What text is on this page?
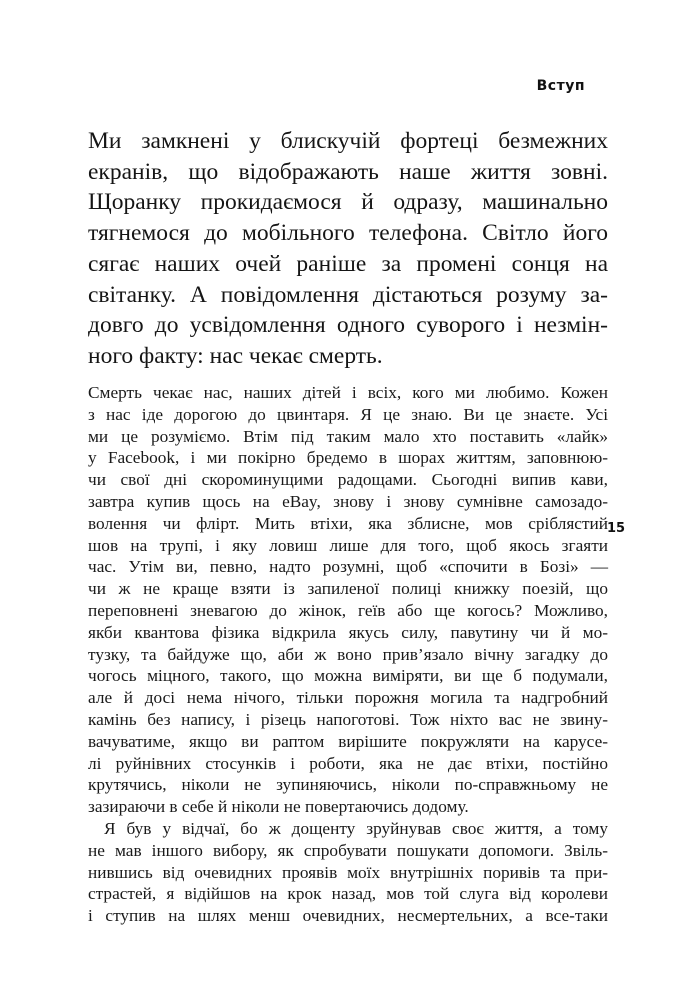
Вступ
15
Ми замкнені у блискучій фортеці безмежних
екранів, що відображають наше життя зовні.
Щоранку прокидаємося й одразу, машинально
тягнемося до мобільного телефона. Світло його
сягає наших очей раніше за промені сонця на
світанку. А повідомлення дістаються розуму за-
довго до усвідомлення одного суворого і незмін-
ного факту: нас чекає смерть.
Смерть чекає нас, наших дітей і всіх, кого ми любимо. Кожен
з нас іде дорогою до цвинтаря. Я це знаю. Ви це знаєте. Усі
ми це розуміємо. Втім під таким мало хто поставить «лайк»
у Facebook, і ми покірно бредемо в шорах життям, заповнюю-
чи свої дні скороминущими радощами. Сьогодні випив кави,
завтра купив щось на eBay, знову і знову сумнівне самозадо-
волення чи флірт. Мить втіхи, яка зблисне, мов сріблястий
шов на трупі, і яку ловиш лише для того, щоб якось згаяти
час. Утім ви, певно, надто розумні, щоб «спочити в Бозі» —
чи ж не краще взяти із запиленої полиці книжку поезій, що
переповнені зневагою до жінок, геїв або ще когось? Можливо,
якби квантова фізика відкрила якусь силу, павутину чи й мо-
тузку, та байдуже що, аби ж воно прив’язало вічну загадку до
чогось міцного, такого, що можна виміряти, ви ще б подумали,
але й досі нема нічого, тільки порожня могила та надгробний
камінь без напису, і різець напоготові. Тож ніхто вас не звину-
вачуватиме, якщо ви раптом вирішите покружляти на карусе-
лі руйнівних стосунків і роботи, яка не дає втіхи, постійно
крутячись, ніколи не зупиняючись, ніколи по-справжньому не
зазираючи в себе й ніколи не повертаючись додому.
Я був у відчаї, бо ж дощенту зруйнував своє життя, а тому
не мав іншого вибору, як спробувати пошукати допомоги. Звіль-
нившись від очевидних проявів моїх внутрішніх поривів та при-
страстей, я відійшов на крок назад, мов той слуга від королеви
і ступив на шлях менш очевидних, несмертельних, а все-таки
